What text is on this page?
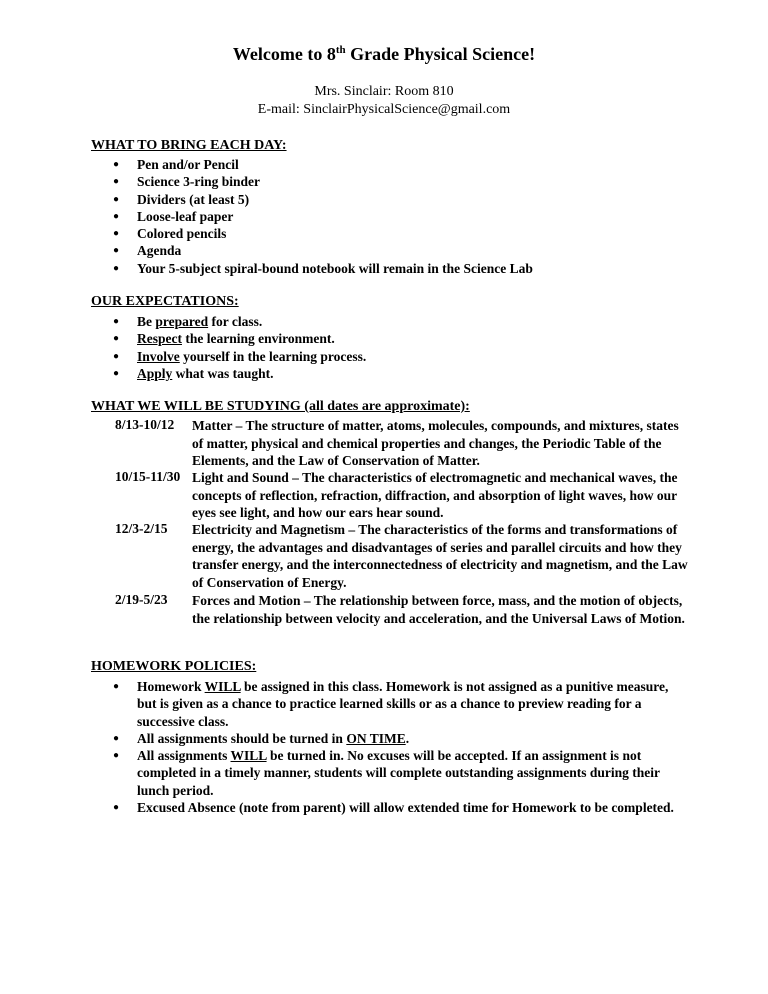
Welcome to 8th Grade Physical Science!
Mrs. Sinclair: Room 810
E-mail: SinclairPhysicalScience@gmail.com
WHAT TO BRING EACH DAY:
● Pen and/or Pencil
● Science 3-ring binder
● Dividers (at least 5)
● Loose-leaf paper
● Colored pencils
● Agenda
● Your 5-subject spiral-bound notebook will remain in the Science Lab
OUR EXPECTATIONS:
● Be prepared for class.
● Respect the learning environment.
● Involve yourself in the learning process.
● Apply what was taught.
WHAT WE WILL BE STUDYING (all dates are approximate):
8/13-10/12 Matter – The structure of matter, atoms, molecules, compounds, and mixtures, states of matter, physical and chemical properties and changes, the Periodic Table of the Elements, and the Law of Conservation of Matter.
10/15-11/30 Light and Sound – The characteristics of electromagnetic and mechanical waves, the concepts of reflection, refraction, diffraction, and absorption of light waves, how our eyes see light, and how our ears hear sound.
12/3-2/15 Electricity and Magnetism – The characteristics of the forms and transformations of energy, the advantages and disadvantages of series and parallel circuits and how they transfer energy, and the interconnectedness of electricity and magnetism, and the Law of Conservation of Energy.
2/19-5/23 Forces and Motion – The relationship between force, mass, and the motion of objects, the relationship between velocity and acceleration, and the Universal Laws of Motion.
HOMEWORK POLICIES:
● Homework WILL be assigned in this class. Homework is not assigned as a punitive measure, but is given as a chance to practice learned skills or as a chance to preview reading for a successive class.
● All assignments should be turned in ON TIME.
● All assignments WILL be turned in. No excuses will be accepted. If an assignment is not completed in a timely manner, students will complete outstanding assignments during their lunch period.
● Excused Absence (note from parent) will allow extended time for Homework to be completed.
